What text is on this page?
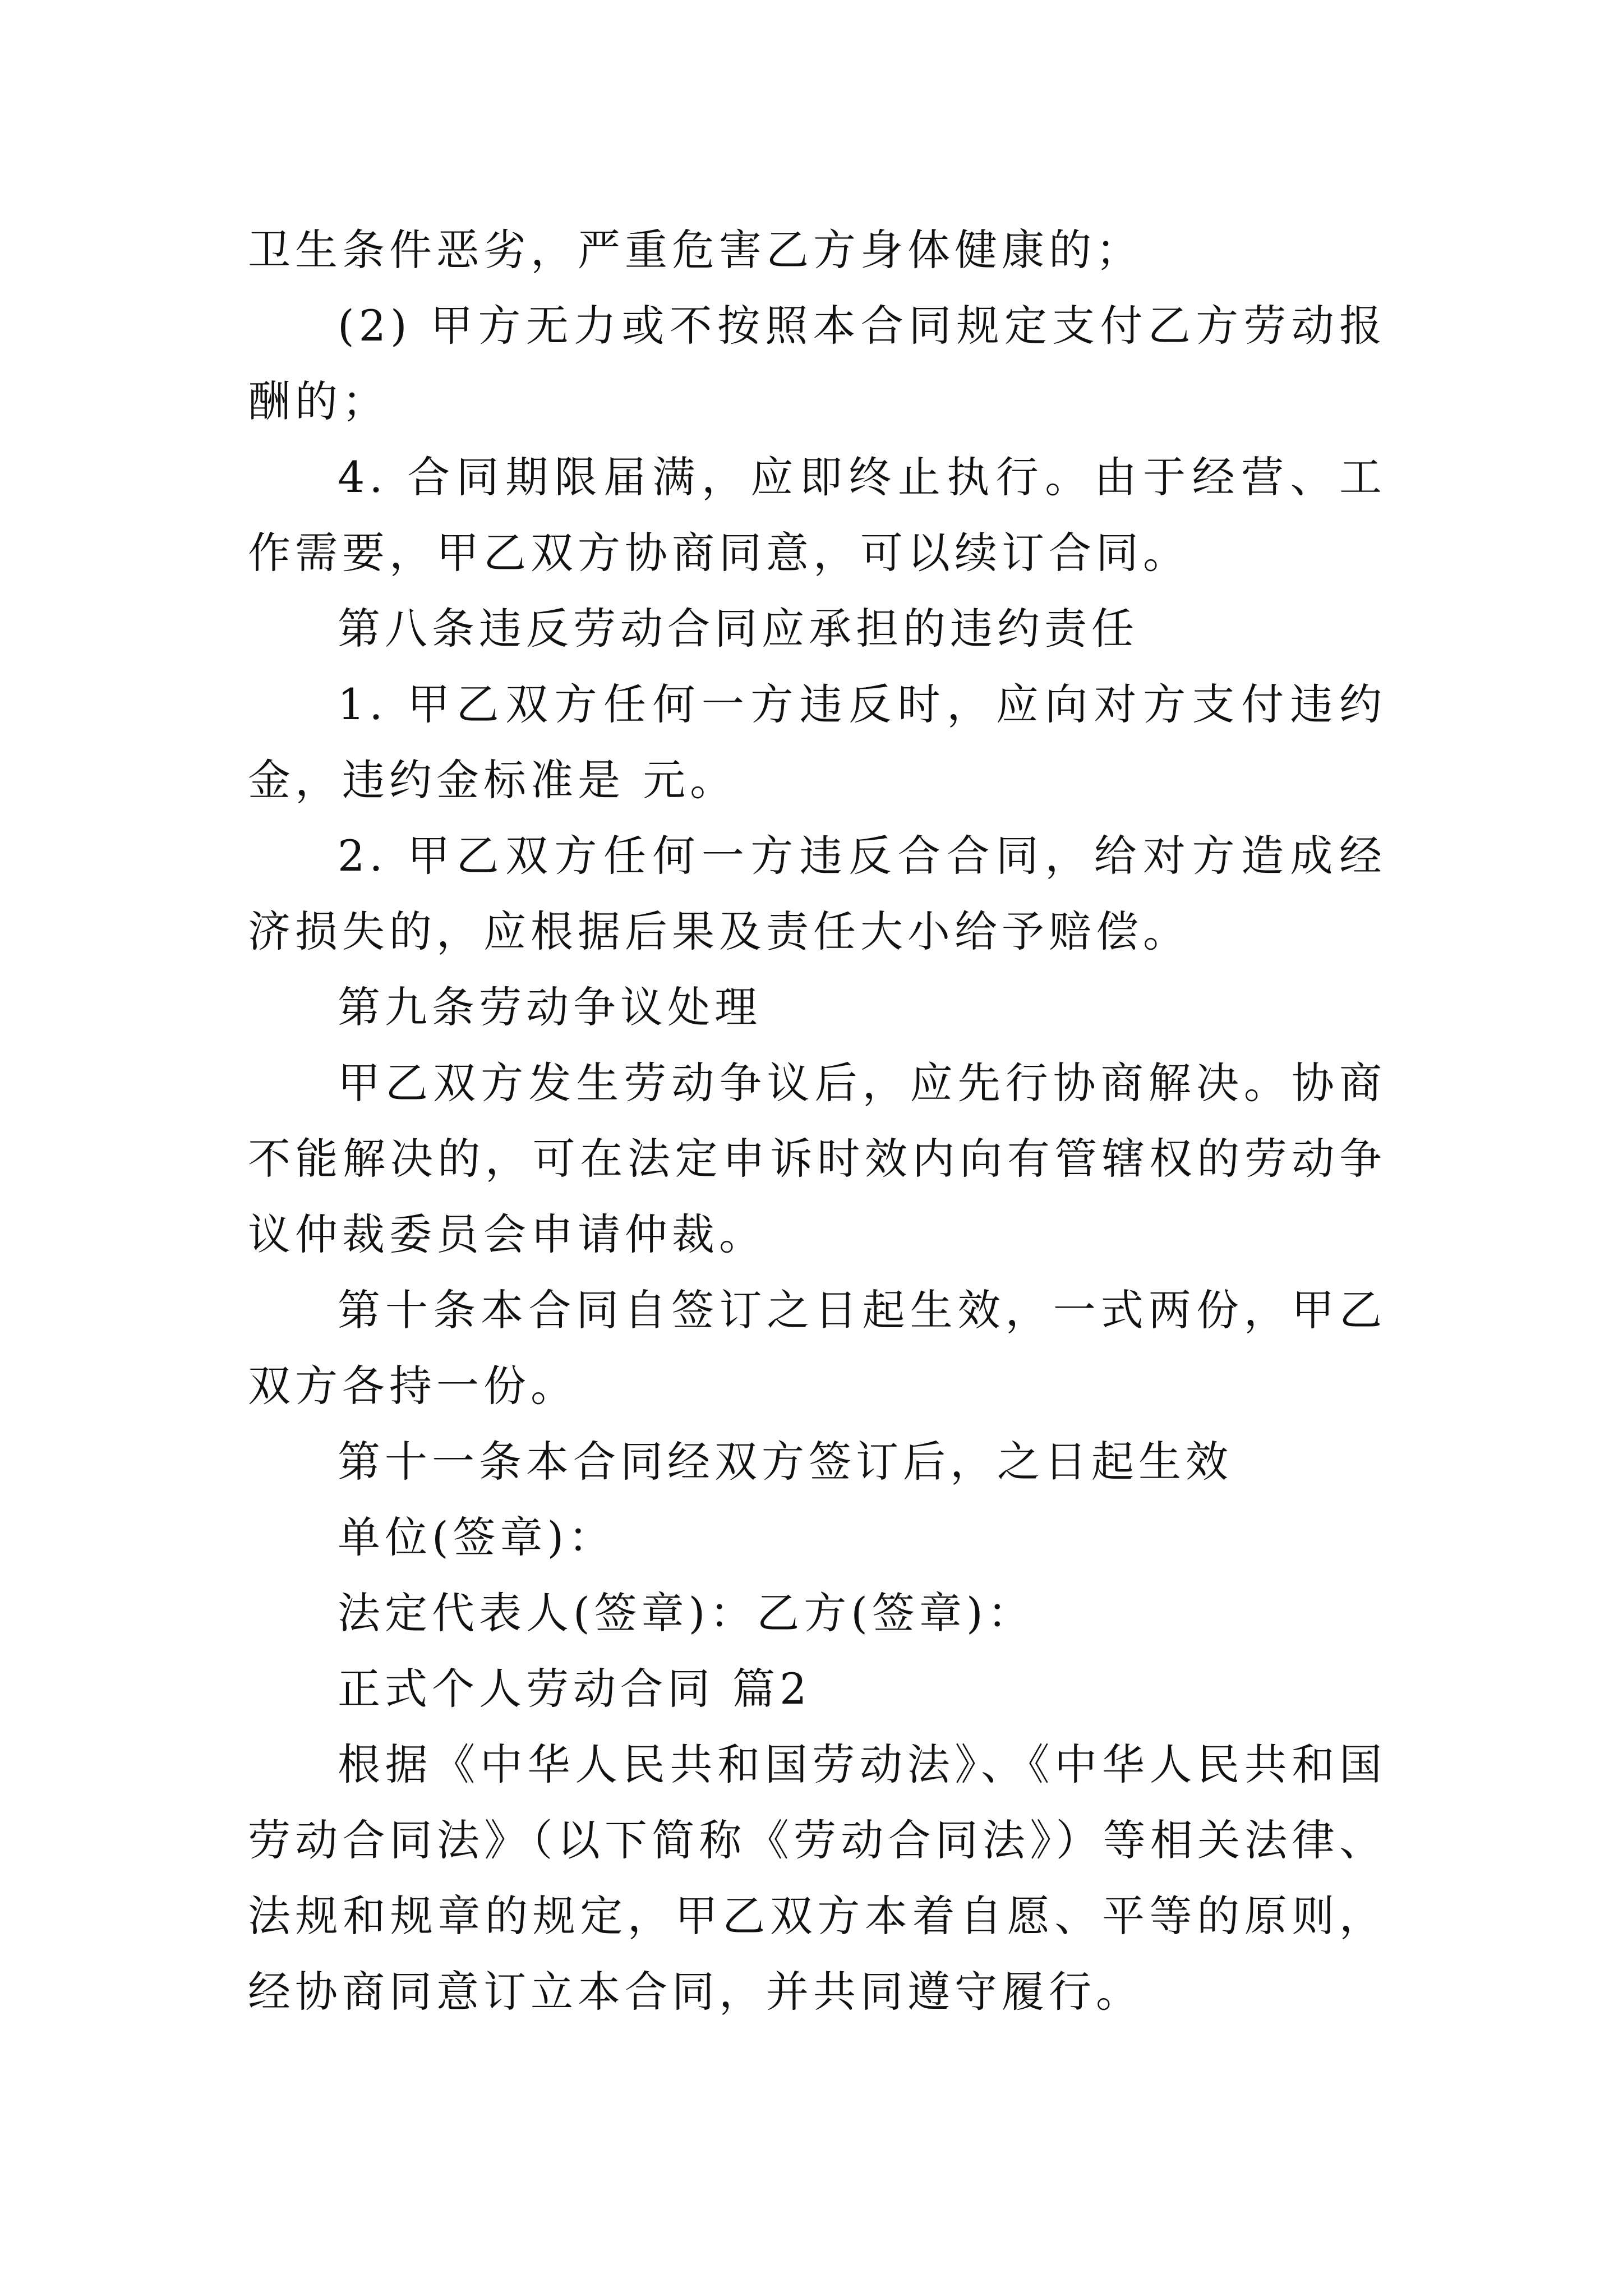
卫生条件恶劣，严重危害乙方身体健康的；

(2) 甲方无力或不按照本合同规定支付乙方劳动报酬的；

4. 合同期限届满，应即终止执行。由于经营、工作需要，甲乙双方协商同意，可以续订合同。

第八条违反劳动合同应承担的违约责任

1. 甲乙双方任何一方违反时，应向对方支付违约金，违约金标准是 元。

2. 甲乙双方任何一方违反合合同，给对方造成经济损失的，应根据后果及责任大小给予赔偿。

第九条劳动争议处理

甲乙双方发生劳动争议后，应先行协商解决。协商不能解决的，可在法定申诉时效内向有管辖权的劳动争议仲裁委员会申请仲裁。

第十条本合同自签订之日起生效，一式两份，甲乙双方各持一份。

第十一条本合同经双方签订后，之日起生效

单位(签章)：

法定代表人(签章)：乙方(签章)：

正式个人劳动合同 篇2

根据《中华人民共和国劳动法》、《中华人民共和国劳动合同法》（以下简称《劳动合同法》）等相关法律、法规和规章的规定，甲乙双方本着自愿、平等的原则，经协商同意订立本合同，并共同遵守履行。
